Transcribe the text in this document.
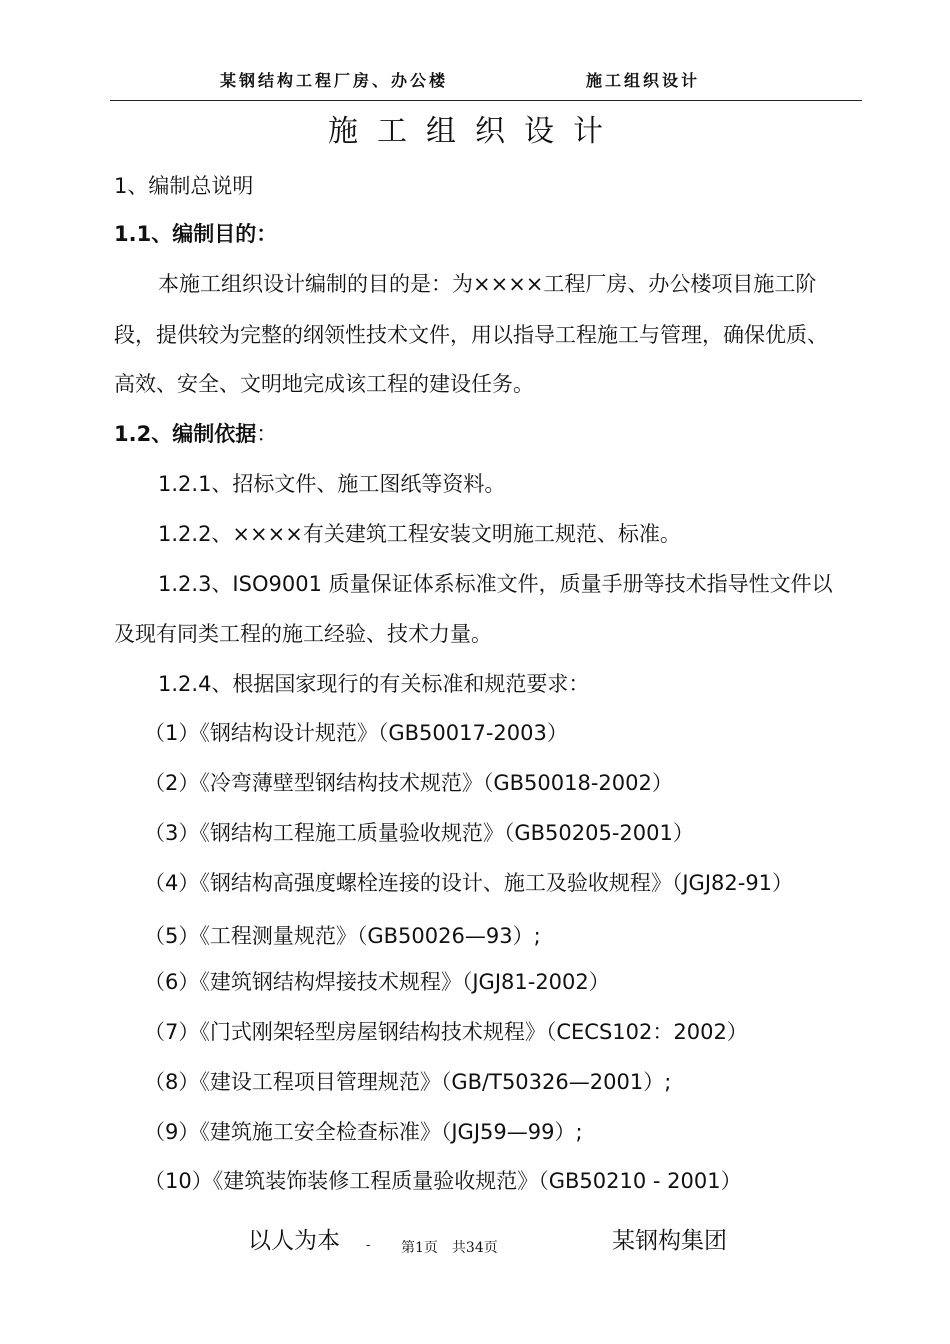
某钢结构工程厂房、办公楼	施工组织设计
施工组织设计
1、编制总说明
1.1、编制目的：
本施工组织设计编制的目的是：为××××工程厂房、办公楼项目施工阶
段，提供较为完整的纲领性技术文件，用以指导工程施工与管理，确保优质、
高效、安全、文明地完成该工程的建设任务。
1.2、编制依据：
1.2.1、招标文件、施工图纸等资料。
1.2.2、××××有关建筑工程安装文明施工规范、标准。
1.2.3、ISO9001 质量保证体系标准文件，质量手册等技术指导性文件以
及现有同类工程的施工经验、技术力量。
1.2.4、根据国家现行的有关标准和规范要求：
（1）《钢结构设计规范》（GB50017-2003）
（2）《冷弯薄壁型钢结构技术规范》（GB50018-2002）
（3）《钢结构工程施工质量验收规范》（GB50205-2001）
（4）《钢结构高强度螺栓连接的设计、施工及验收规程》（JGJ82-91）
（5）《工程测量规范》（GB50026—93）;
（6）《建筑钢结构焊接技术规程》（JGJ81-2002）
（7）《门式刚架轻型房屋钢结构技术规程》（CECS102：2002）
（8）《建设工程项目管理规范》（GB/T50326—2001）;
（9）《建筑施工安全检查标准》（JGJ59—99）;
（10）《建筑装饰装修工程质量验收规范》（GB50210 - 2001）
以人为本 - 第1页　共34页	某钢构集团
